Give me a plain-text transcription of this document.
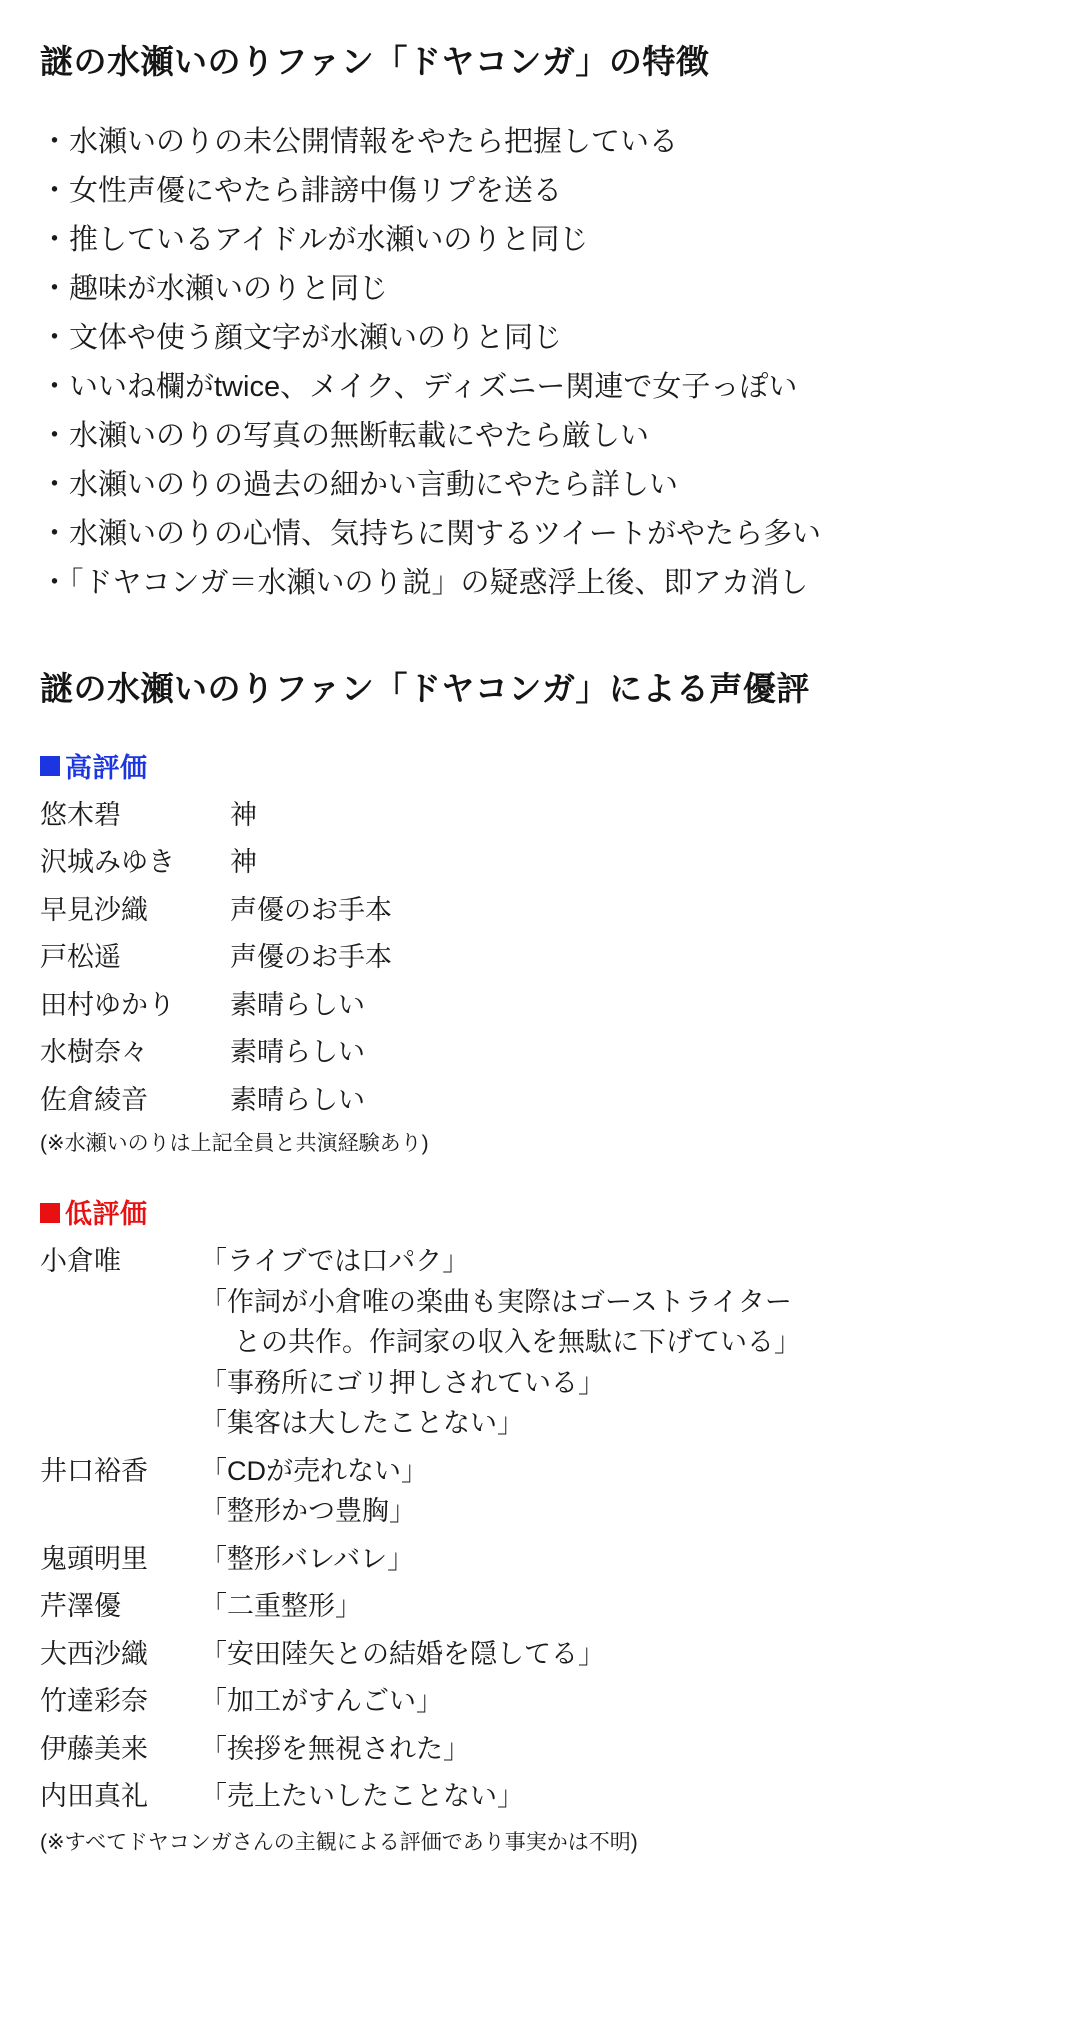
謎の水瀬いのりファン「ドヤコンガ」の特徴
・水瀬いのりの未公開情報をやたら把握している
・女性声優にやたら誹謗中傷リプを送る
・推しているアイドルが水瀬いのりと同じ
・趣味が水瀬いのりと同じ
・文体や使う顔文字が水瀬いのりと同じ
・いいね欄がtwice、メイク、ディズニー関連で女子っぽい
・水瀬いのりの写真の無断転載にやたら厳しい
・水瀬いのりの過去の細かい言動にやたら詳しい
・水瀬いのりの心情、気持ちに関するツイートがやたら多い
・「ドヤコンガ＝水瀬いのり説」の疑惑浮上後、即アカ消し
謎の水瀬いのりファン「ドヤコンガ」による声優評
高評価
悠木碧	神
沢城みゆき	神
早見沙織	声優のお手本
戸松遥	声優のお手本
田村ゆかり	素晴らしい
水樹奈々	素晴らしい
佐倉綾音	素晴らしい
(※水瀬いのりは上記全員と共演経験あり)
低評価
小倉唯	「ライブでは口パク」
「作詞が小倉唯の楽曲も実際はゴーストライター
との共作。作詞家の収入を無駄に下げている」
「事務所にゴリ押しされている」
「集客は大したことない」
井口裕香	「CDが売れない」
「整形かつ豊胸」
鬼頭明里	「整形バレバレ」
芹澤優	「二重整形」
大西沙織	「安田陸矢との結婚を隠してる」
竹達彩奈	「加工がすんごい」
伊藤美来	「挨拶を無視された」
内田真礼	「売上たいしたことない」
(※すべてドヤコンガさんの主観による評価であり事実かは不明)
